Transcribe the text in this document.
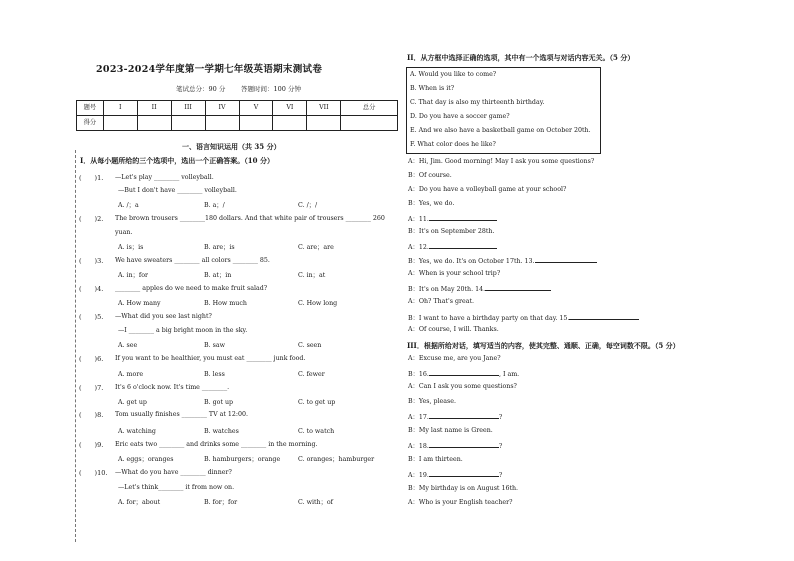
2023-2024学年度第一学期七年级英语期末测试卷
笔试总分：90 分 答题时间：100 分钟
题号	I	II	III	IV	V	VI	VII	总分
得分								
一、语言知识运用（共 35 分）
I．从每小题所给的三个选项中，选出一个正确答案。（10 分）
(　　)1. —Let's play ________ volleyball.
—But I don't have ________ volleyball.
A. /；a	B. a；/	C. /；/
(　　)2. The brown trousers ________180 dollars. And that white pair of trousers ________ 260
yuan.
A. is；is	B. are；is	C. are；are
(　　)3. We have sweaters ________ all colors ________ 85.
A. in；for	B. at；in	C. in；at
(　　)4. ________ apples do we need to make fruit salad?
A. How many	B. How much	C. How long
(　　)5. —What did you see last night?
—I ________ a big bright moon in the sky.
A. see	B. saw	C. seen
(　　)6. If you want to be healthier, you must eat ________ junk food.
A. more	B. less	C. fewer
(　　)7. It's 6 o'clock now. It's time ________.
A. get up	B. got up	C. to get up
(　　)8. Tom usually finishes ________ TV at 12:00.
A. watching	B. watches	C. to watch
(　　)9. Eric eats two ________ and drinks some ________ in the morning.
A. eggs；oranges	B. hamburgers；orange	C. oranges；hamburger
(　　)10. —What do you have ________ dinner?
—Let's think________ it from now on.
A. for；about	B. for；for	C. with；of
II．从方框中选择正确的选项，其中有一个选项与对话内容无关。（5 分）
A. Would you like to come?
B. When is it?
C. That day is also my thirteenth birthday.
D. Do you have a soccer game?
E. And we also have a basketball game on October 20th.
F. What color does he like?
A：Hi, Jim. Good morning! May I ask you some questions?
B：Of course.
A：Do you have a volleyball game at your school?
B：Yes, we do.
A：11.
B：It's on September 28th.
A：12.
B：Yes, we do. It's on October 17th. 13.
A：When is your school trip?
B：It's on May 20th. 14.
A：Oh? That's great.
B：I want to have a birthday party on that day. 15.
A：Of course, I will. Thanks.
III．根据所给对话，填写适当的内容，使其完整、通顺、正确，每空词数不限。（5 分）
A：Excuse me, are you Jane?
B：16.	, I am.
A：Can I ask you some questions?
B：Yes, please.
A：17.	?
B：My last name is Green.
A：18.	?
B：I am thirteen.
A：19.	?
B：My birthday is on August 16th.
A：Who is your English teacher?
